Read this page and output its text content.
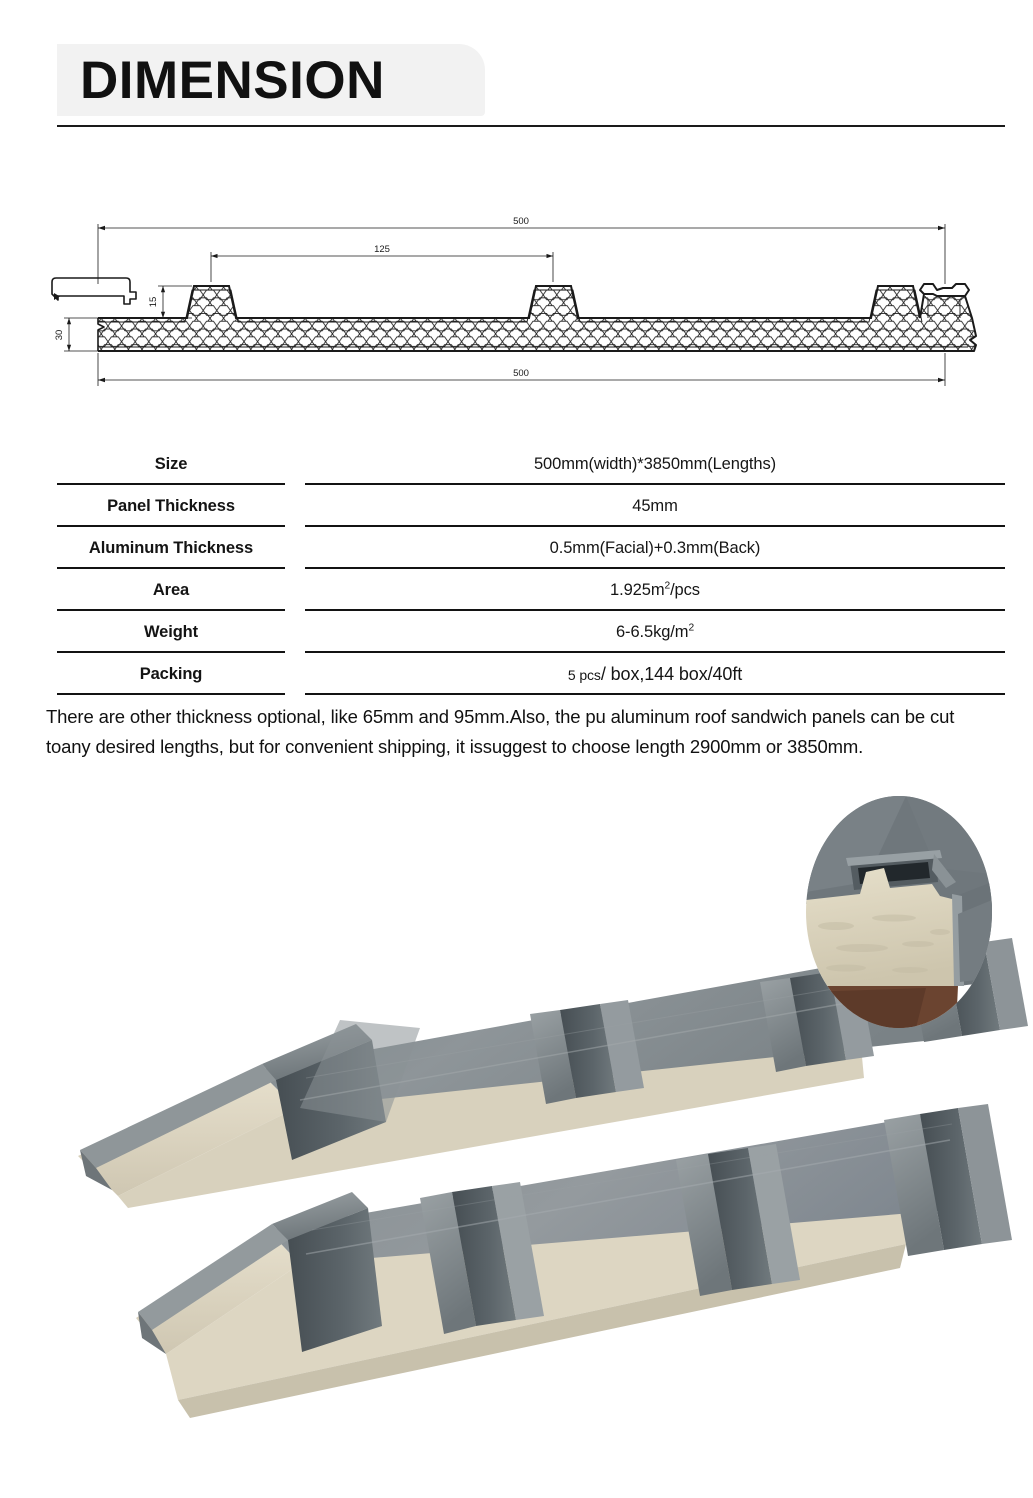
DIMENSION
500
125
15
30
500
Size	500mm(width)*3850mm(Lengths)
Panel Thickness	45mm
Aluminum Thickness	0.5mm(Facial)+0.3mm(Back)
Area	$1.925m^2$/pcs
Weight	$6-6.5kg/m^2$
Packing	5 pcs/ box,144 box/40ft
There are other thickness optional, like 65mm and 95mm.Also, the pu aluminum roof sandwich panels can be cut toany desired lengths, but for convenient shipping, it issuggest to choose length 2900mm or 3850mm.
